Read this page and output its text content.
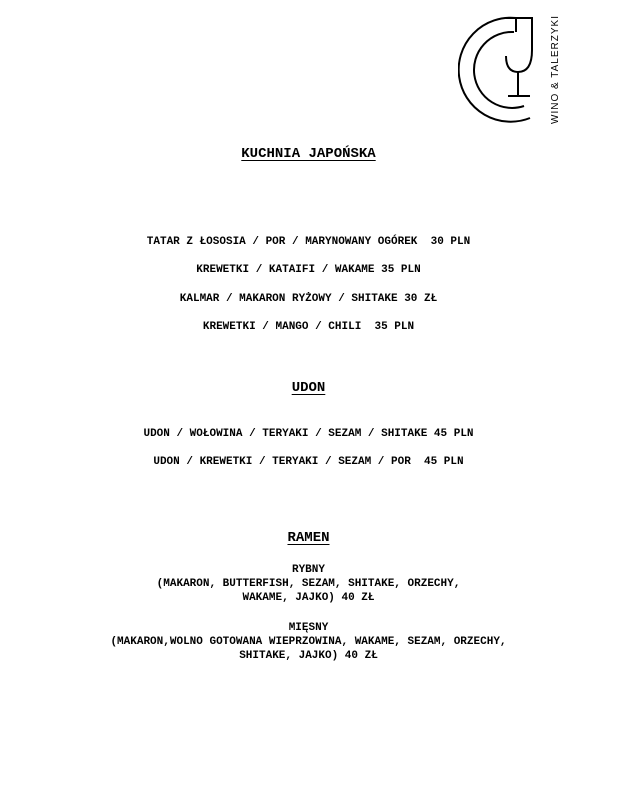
WINO & TALERZYKI
KUCHNIA JAPOŃSKA
TATAR Z ŁOSOSIA / POR / MARYNOWANY OGÓREK  30 PLN
KREWETKI / KATAIFI / WAKAME 35 PLN
KALMAR / MAKARON RYŻOWY / SHITAKE 30 ZŁ
KREWETKI / MANGO / CHILI  35 PLN
UDON
UDON / WOŁOWINA / TERYAKI / SEZAM / SHITAKE 45 PLN
UDON / KREWETKI / TERYAKI / SEZAM / POR  45 PLN
RAMEN
RYBNY
(MAKARON, BUTTERFISH, SEZAM, SHITAKE, ORZECHY,
WAKAME, JAJKO) 40 ZŁ
MIĘSNY
(MAKARON,WOLNO GOTOWANA WIEPRZOWINA, WAKAME, SEZAM, ORZECHY,
SHITAKE, JAJKO) 40 ZŁ
